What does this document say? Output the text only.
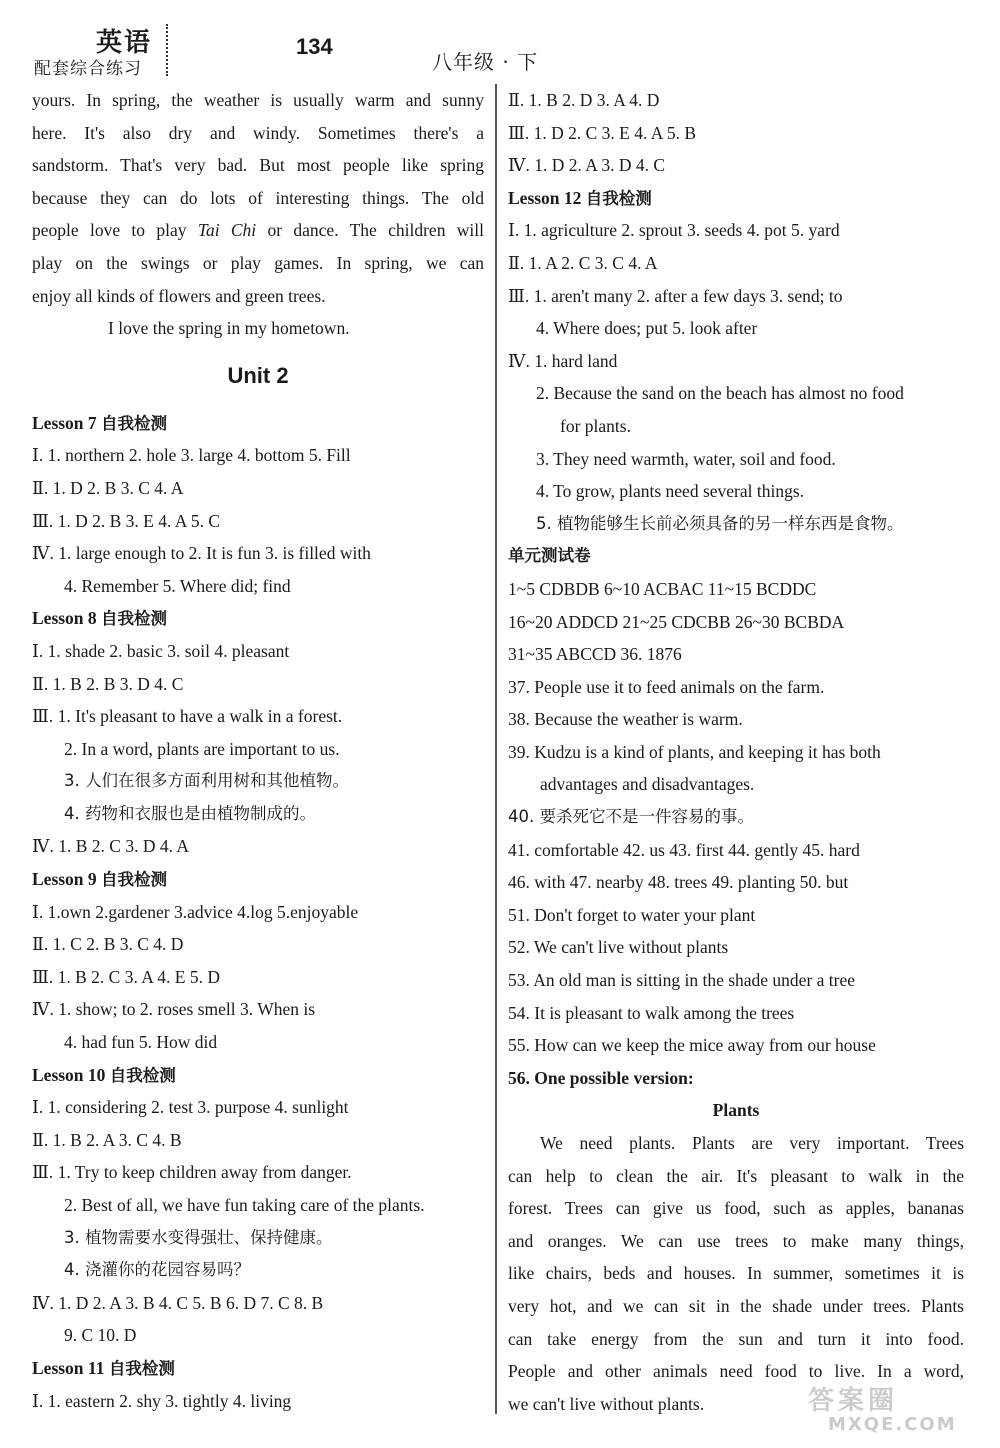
英语
配套综合练习
134
八年级 · 下
yours. In spring, the weather is usually warm and sunny
here. It's also dry and windy. Sometimes there's a
sandstorm. That's very bad. But most people like spring
because they can do lots of interesting things. The old
people love to play Tai Chi or dance. The children will
play on the swings or play games. In spring, we can
enjoy all kinds of flowers and green trees.
I love the spring in my hometown.
Unit 2
Lesson 7 自我检测
Ⅰ. 1. northern 2. hole 3. large 4. bottom 5. Fill
Ⅱ. 1. D 2. B 3. C 4. A
Ⅲ. 1. D 2. B 3. E 4. A 5. C
Ⅳ. 1. large enough to 2. It is fun 3. is filled with
4. Remember 5. Where did; find
Lesson 8 自我检测
Ⅰ. 1. shade 2. basic 3. soil 4. pleasant
Ⅱ. 1. B 2. B 3. D 4. C
Ⅲ. 1. It's pleasant to have a walk in a forest.
2. In a word, plants are important to us.
3. 人们在很多方面利用树和其他植物。
4. 药物和衣服也是由植物制成的。
Ⅳ. 1. B 2. C 3. D 4. A
Lesson 9 自我检测
Ⅰ. 1.own 2.gardener 3.advice 4.log 5.enjoyable
Ⅱ. 1. C 2. B 3. C 4. D
Ⅲ. 1. B 2. C 3. A 4. E 5. D
Ⅳ. 1. show; to 2. roses smell 3. When is
4. had fun 5. How did
Lesson 10 自我检测
Ⅰ. 1. considering 2. test 3. purpose 4. sunlight
Ⅱ. 1. B 2. A 3. C 4. B
Ⅲ. 1. Try to keep children away from danger.
2. Best of all, we have fun taking care of the plants.
3. 植物需要水变得强壮、保持健康。
4. 浇灌你的花园容易吗？
Ⅳ. 1. D 2. A 3. B 4. C 5. B 6. D 7. C 8. B
9. C 10. D
Lesson 11 自我检测
Ⅰ. 1. eastern 2. shy 3. tightly 4. living
Ⅱ. 1. B 2. D 3. A 4. D
Ⅲ. 1. D 2. C 3. E 4. A 5. B
Ⅳ. 1. D 2. A 3. D 4. C
Lesson 12 自我检测
Ⅰ. 1. agriculture 2. sprout 3. seeds 4. pot 5. yard
Ⅱ. 1. A 2. C 3. C 4. A
Ⅲ. 1. aren't many 2. after a few days 3. send; to
4. Where does; put 5. look after
Ⅳ. 1. hard land
2. Because the sand on the beach has almost no food
for plants.
3. They need warmth, water, soil and food.
4. To grow, plants need several things.
5. 植物能够生长前必须具备的另一样东西是食物。
单元测试卷
1~5 CDBDB 6~10 ACBAC 11~15 BCDDC
16~20 ADDCD 21~25 CDCBB 26~30 BCBDA
31~35 ABCCD 36. 1876
37. People use it to feed animals on the farm.
38. Because the weather is warm.
39. Kudzu is a kind of plants, and keeping it has both
advantages and disadvantages.
40. 要杀死它不是一件容易的事。
41. comfortable 42. us 43. first 44. gently 45. hard
46. with 47. nearby 48. trees 49. planting 50. but
51. Don't forget to water your plant
52. We can't live without plants
53. An old man is sitting in the shade under a tree
54. It is pleasant to walk among the trees
55. How can we keep the mice away from our house
56. One possible version:
Plants
We need plants. Plants are very important. Trees
can help to clean the air. It's pleasant to walk in the
forest. Trees can give us food, such as apples, bananas
and oranges. We can use trees to make many things,
like chairs, beds and houses. In summer, sometimes it is
very hot, and we can sit in the shade under trees. Plants
can take energy from the sun and turn it into food.
People and other animals need food to live. In a word,
we can't live without plants.	答案圈
MXQE.COM
